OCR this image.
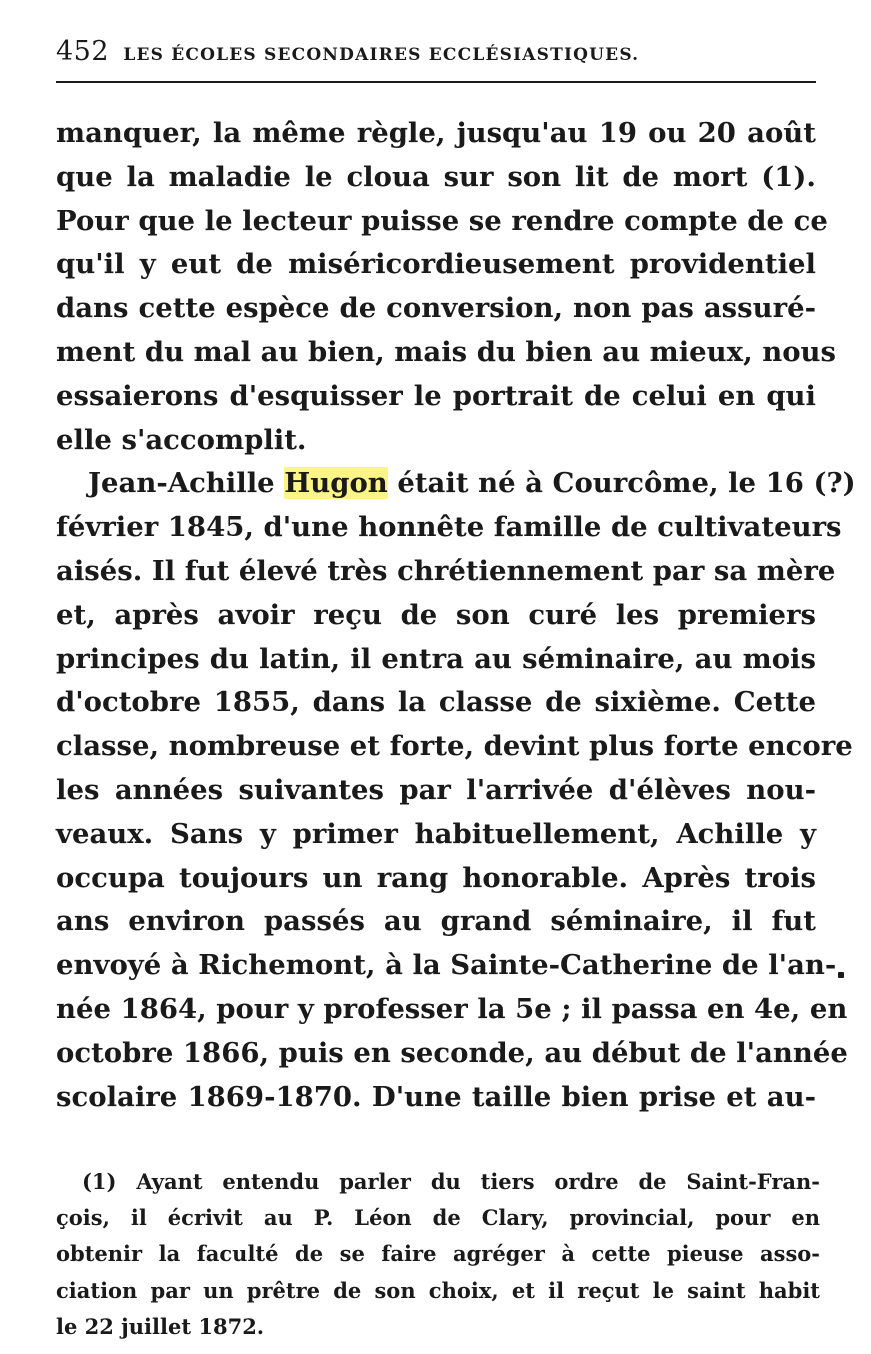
452 LES ÉCOLES SECONDAIRES ECCLÉSIASTIQUES.
manquer, la même règle, jusqu'au 19 ou 20 août
que la maladie le cloua sur son lit de mort (1).
Pour que le lecteur puisse se rendre compte de ce
qu'il y eut de miséricordieusement providentiel
dans cette espèce de conversion, non pas assuré-
ment du mal au bien, mais du bien au mieux, nous
essaierons d'esquisser le portrait de celui en qui
elle s'accomplit.
Jean-Achille Hugon était né à Courcôme, le 16 (?)
février 1845, d'une honnête famille de cultivateurs
aisés. Il fut élevé très chrétiennement par sa mère
et, après avoir reçu de son curé les premiers
principes du latin, il entra au séminaire, au mois
d'octobre 1855, dans la classe de sixième. Cette
classe, nombreuse et forte, devint plus forte encore
les années suivantes par l'arrivée d'élèves nou-
veaux. Sans y primer habituellement, Achille y
occupa toujours un rang honorable. Après trois
ans environ passés au grand séminaire, il fut
envoyé à Richemont, à la Sainte-Catherine de l'an-
née 1864, pour y professer la 5e ; il passa en 4e, en
octobre 1866, puis en seconde, au début de l'année
scolaire 1869-1870. D'une taille bien prise et au-
(1) Ayant entendu parler du tiers ordre de Saint-Fran-
çois, il écrivit au P. Léon de Clary, provincial, pour en
obtenir la faculté de se faire agréger à cette pieuse asso-
ciation par un prêtre de son choix, et il reçut le saint habit
le 22 juillet 1872.
